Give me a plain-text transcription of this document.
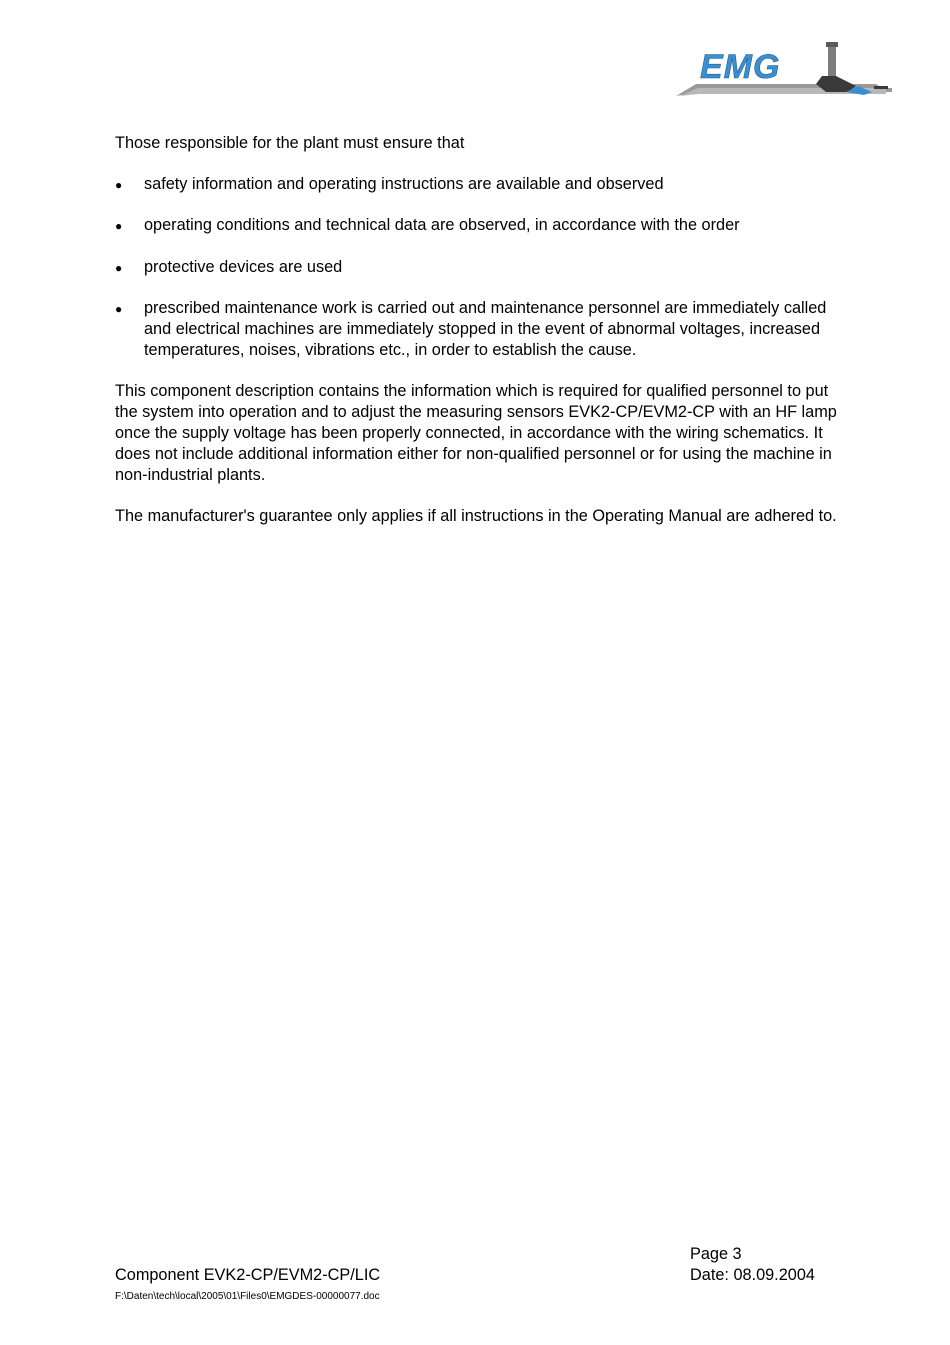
EMG

Those responsible for the plant must ensure that

●
safety information and operating instructions are available and observed
●
operating conditions and technical data are observed, in accordance with the order
●
protective devices are used
●
prescribed maintenance work is carried out and maintenance personnel are immediately called and electrical machines are immediately stopped in the event of abnormal voltages, increased temperatures, noises, vibrations etc., in order to establish the cause.

This component description contains the information which is required for qualified personnel to put the system into operation and to adjust the measuring sensors EVK2-CP/EVM2-CP with an HF lamp once the supply voltage has been properly connected, in accordance with the wiring schematics. It does not include additional information either for non-qualified personnel or for using the machine in non-industrial plants.

The manufacturer's guarantee only applies if all instructions in the Operating Manual are adhered to.

Page 3
Component EVK2-CP/EVM2-CP/LIC	Date: 08.09.2004
F:\Daten\tech\local\2005\01\Files0\EMGDES-00000077.doc
